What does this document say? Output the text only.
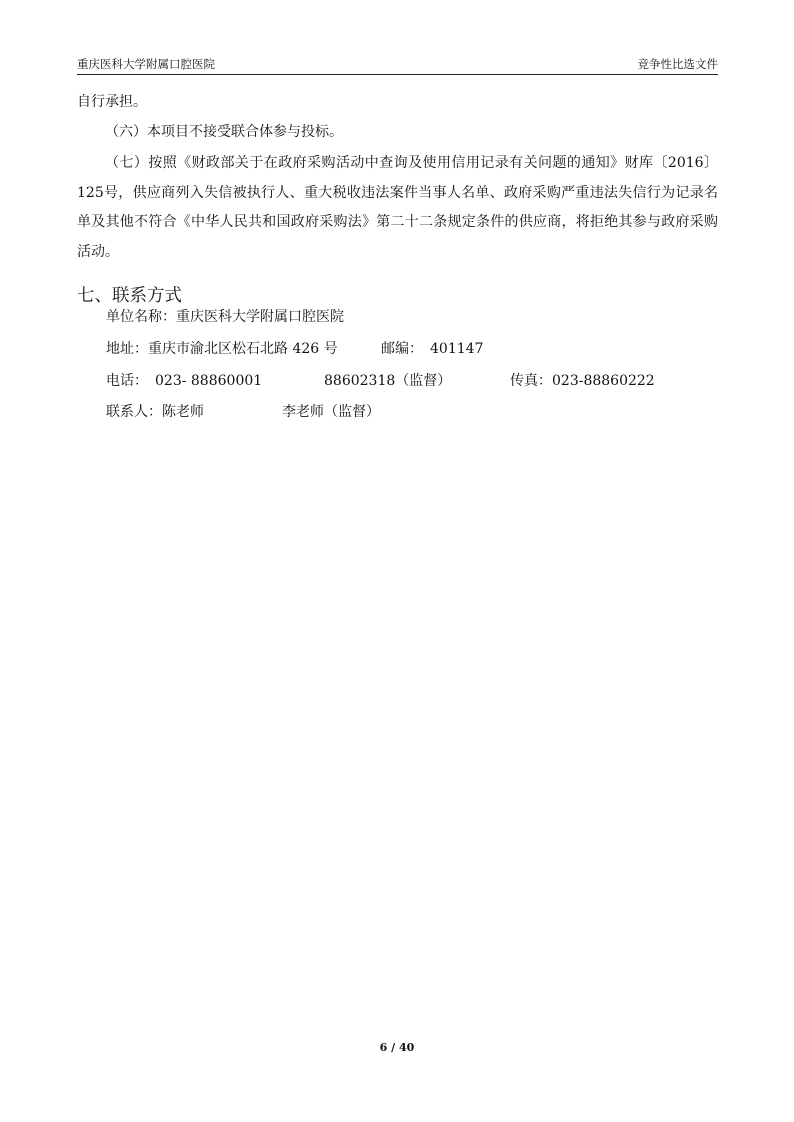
重庆医科大学附属口腔医院	竞争性比选文件

自行承担。

（六）本项目不接受联合体参与投标。

（七）按照《财政部关于在政府采购活动中查询及使用信用记录有关问题的通知》财库〔2016〕125号，供应商列入失信被执行人、重大税收违法案件当事人名单、政府采购严重违法失信行为记录名单及其他不符合《中华人民共和国政府采购法》第二十二条规定条件的供应商，将拒绝其参与政府采购活动。

七、联系方式
单位名称：重庆医科大学附属口腔医院
地址：重庆市渝北区松石北路 426 号	邮编：　401147
电话：　023- 88860001	88602318（监督）	传真：023-88860222
联系人：陈老师	李老师（监督）
6 / 40
